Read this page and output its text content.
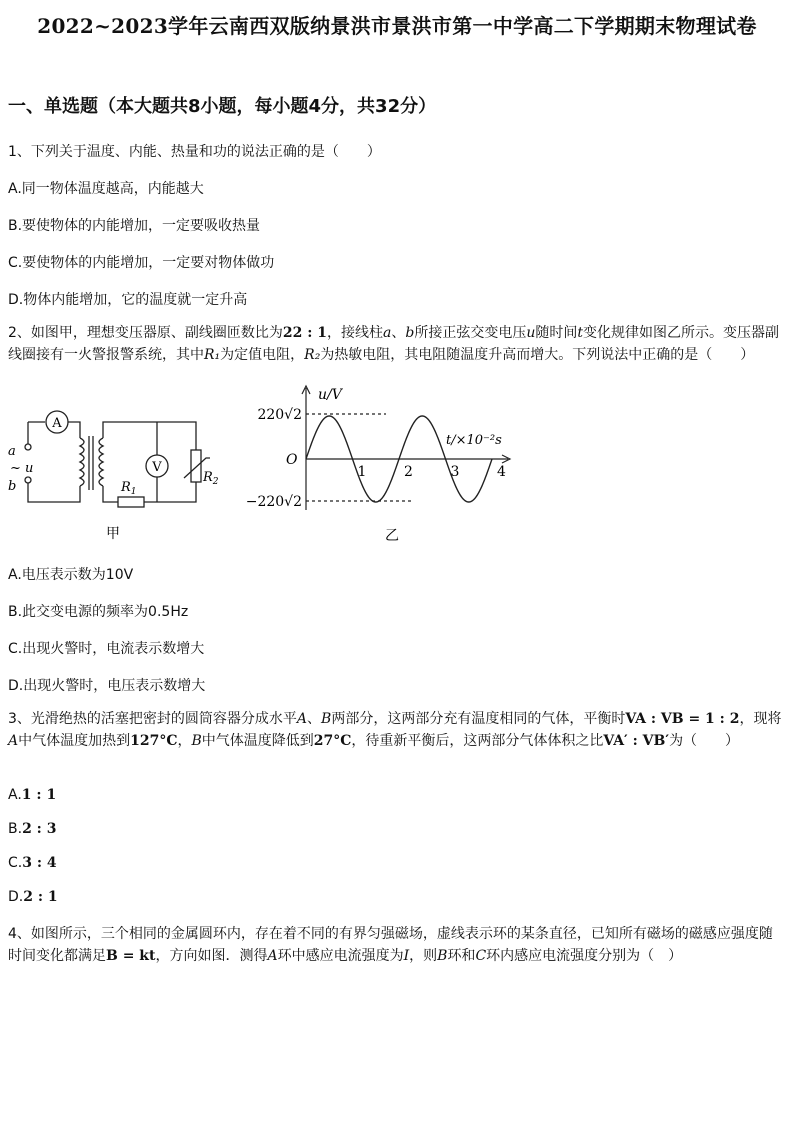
2022~2023学年云南西双版纳景洪市景洪市第一中学高二下学期期末物理试卷
一、单选题（本大题共8小题，每小题4分，共32分）
1、下列关于温度、内能、热量和功的说法正确的是（　　）
A.同一物体温度越高，内能越大
B.要使物体的内能增加，一定要吸收热量
C.要使物体的内能增加，一定要对物体做功
D.物体内能增加，它的温度就一定升高
2、如图甲，理想变压器原、副线圈匝数比为22 : 1，接线柱a、b所接正弦交变电压u随时间t变化规律如图乙所示。变压器副线圈接有一火警报警系统，其中R₁为定值电阻，R₂为热敏电阻，其电阻随温度升高而增大。下列说法中正确的是（　　）
A
V
a
b
~ u
$R_1$
$R_2$
甲
1	2	3	4
u/V
t/×10⁻²s
O
220√2
−220√2
乙
A.电压表示数为10V
B.此交变电源的频率为0.5Hz
C.出现火警时，电流表示数增大
D.出现火警时，电压表示数增大
3、光滑绝热的活塞把密封的圆筒容器分成水平A、B两部分，这两部分充有温度相同的气体，平衡时VA : VB = 1 : 2，现将A中气体温度加热到127°C，B中气体温度降低到27°C，待重新平衡后，这两部分气体体积之比VA′ : VB′为（　　）
A.1 : 1
B.2 : 3
C.3 : 4
D.2 : 1
4、如图所示，三个相同的金属圆环内，存在着不同的有界匀强磁场，虚线表示环的某条直径，已知所有磁场的磁感应强度随时间变化都满足B = kt，方向如图．测得A环中感应电流强度为I，则B环和C环内感应电流强度分别为（　）
